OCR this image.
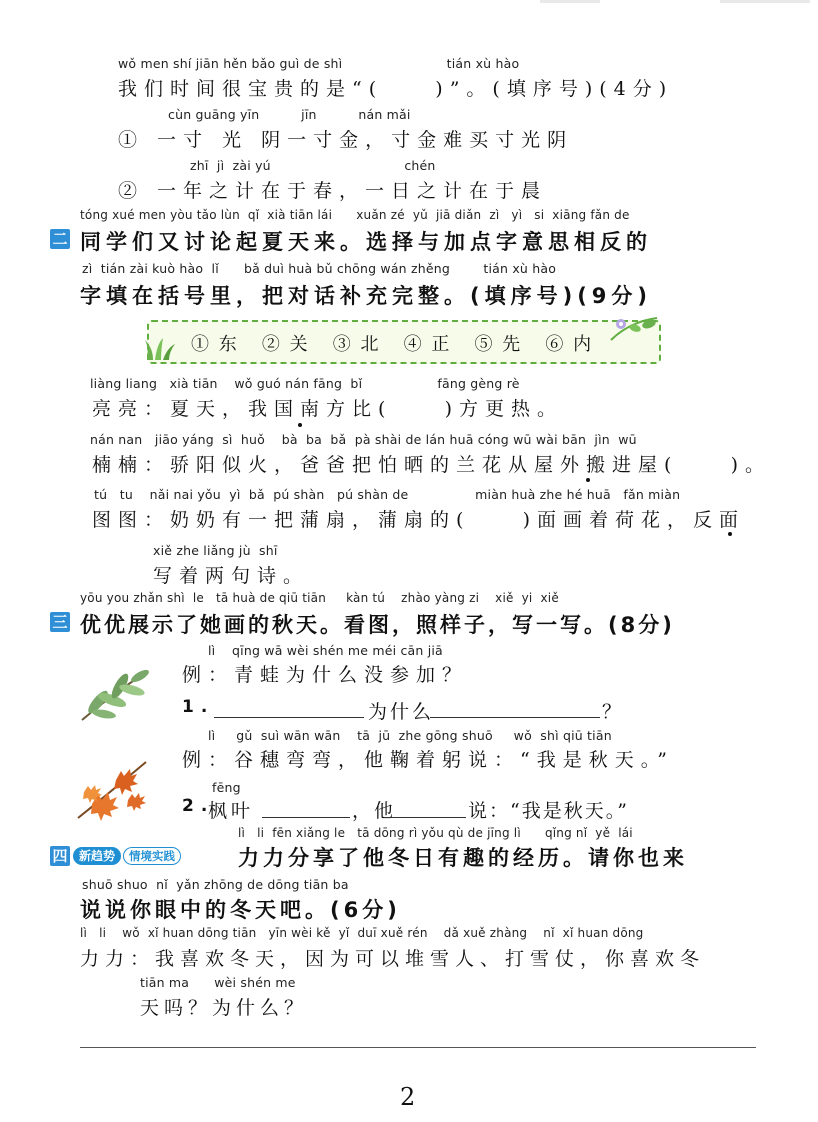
wǒ men shí jiān hěn bǎo guì de shì                         tián xù hào
我们时间很宝贵的是“(    )”。(填序号)(4分)
cùn guāng yīn          jīn          nán mǎi
① 一寸 光 阴一寸金，寸金难买寸光阴
zhī  jì  zài yú                                chén
② 一年之计在于春，一日之计在于晨
tóng xué men yòu tǎo lùn  qǐ  xià tiān lái      xuǎn zé  yǔ  jiā diǎn  zì   yì   si  xiāng fǎn de
二 同学们又讨论起夏天来。选择与加点字意思相反的
zì  tián zài kuò hào  lǐ      bǎ duì huà bǔ chōng wán zhěng        tián xù hào
字填在括号里，把对话补充完整。(填序号)(9分)
① 东   ② 关   ③ 北   ④ 正   ⑤ 先   ⑥ 内
liàng liang   xià tiān    wǒ guó nán fāng  bǐ                  fāng gèng rè
亮亮：夏天，我国南方比(    )方更热。
nán nan   jiāo yáng  sì  huǒ    bà  ba  bǎ  pà shài de lán huā cóng wū wài bān  jìn  wū
楠楠：骄阳似火，爸爸把怕晒的兰花从屋外搬进屋(    )。
tú   tu    nǎi nai yǒu  yì  bǎ  pú shàn   pú shàn de                miàn huà zhe hé huā   fǎn miàn
图图：奶奶有一把蒲扇，蒲扇的(    )面画着荷花，反面
xiě zhe liǎng jù  shī
写着两句诗。
yōu you zhǎn shì  le   tā huà de qiū tiān     kàn tú    zhào yàng zi    xiě  yi  xiě
三 优优展示了她画的秋天。看图，照样子，写一写。(8分)
lì    qīng wā wèi shén me méi cān jiā
例：青蛙为什么没参加？
1.	为什么	？
lì     gǔ  suì wān wān    tā  jū  zhe gōng shuō     wǒ  shì qiū tiān
例：谷穗弯弯，他鞠着躬说：“我是秋天。”
fēng
2.
枫叶	，他	说：“我是秋天。”
lì   li  fēn xiǎng le   tā dōng rì yǒu qù de jīng lì      qǐng nǐ  yě  lái
四 新趋势 情境实践	力力分享了他冬日有趣的经历。请你也来
shuō shuo  nǐ  yǎn zhōng de dōng tiān ba
说说你眼中的冬天吧。(6分)
lì   li    wǒ  xǐ huan dōng tiān   yīn wèi kě  yǐ  duī xuě rén    dǎ xuě zhàng    nǐ  xǐ huan dōng
力力：我喜欢冬天，因为可以堆雪人、打雪仗，你喜欢冬
tiān ma      wèi shén me
天吗？为什么？
2
